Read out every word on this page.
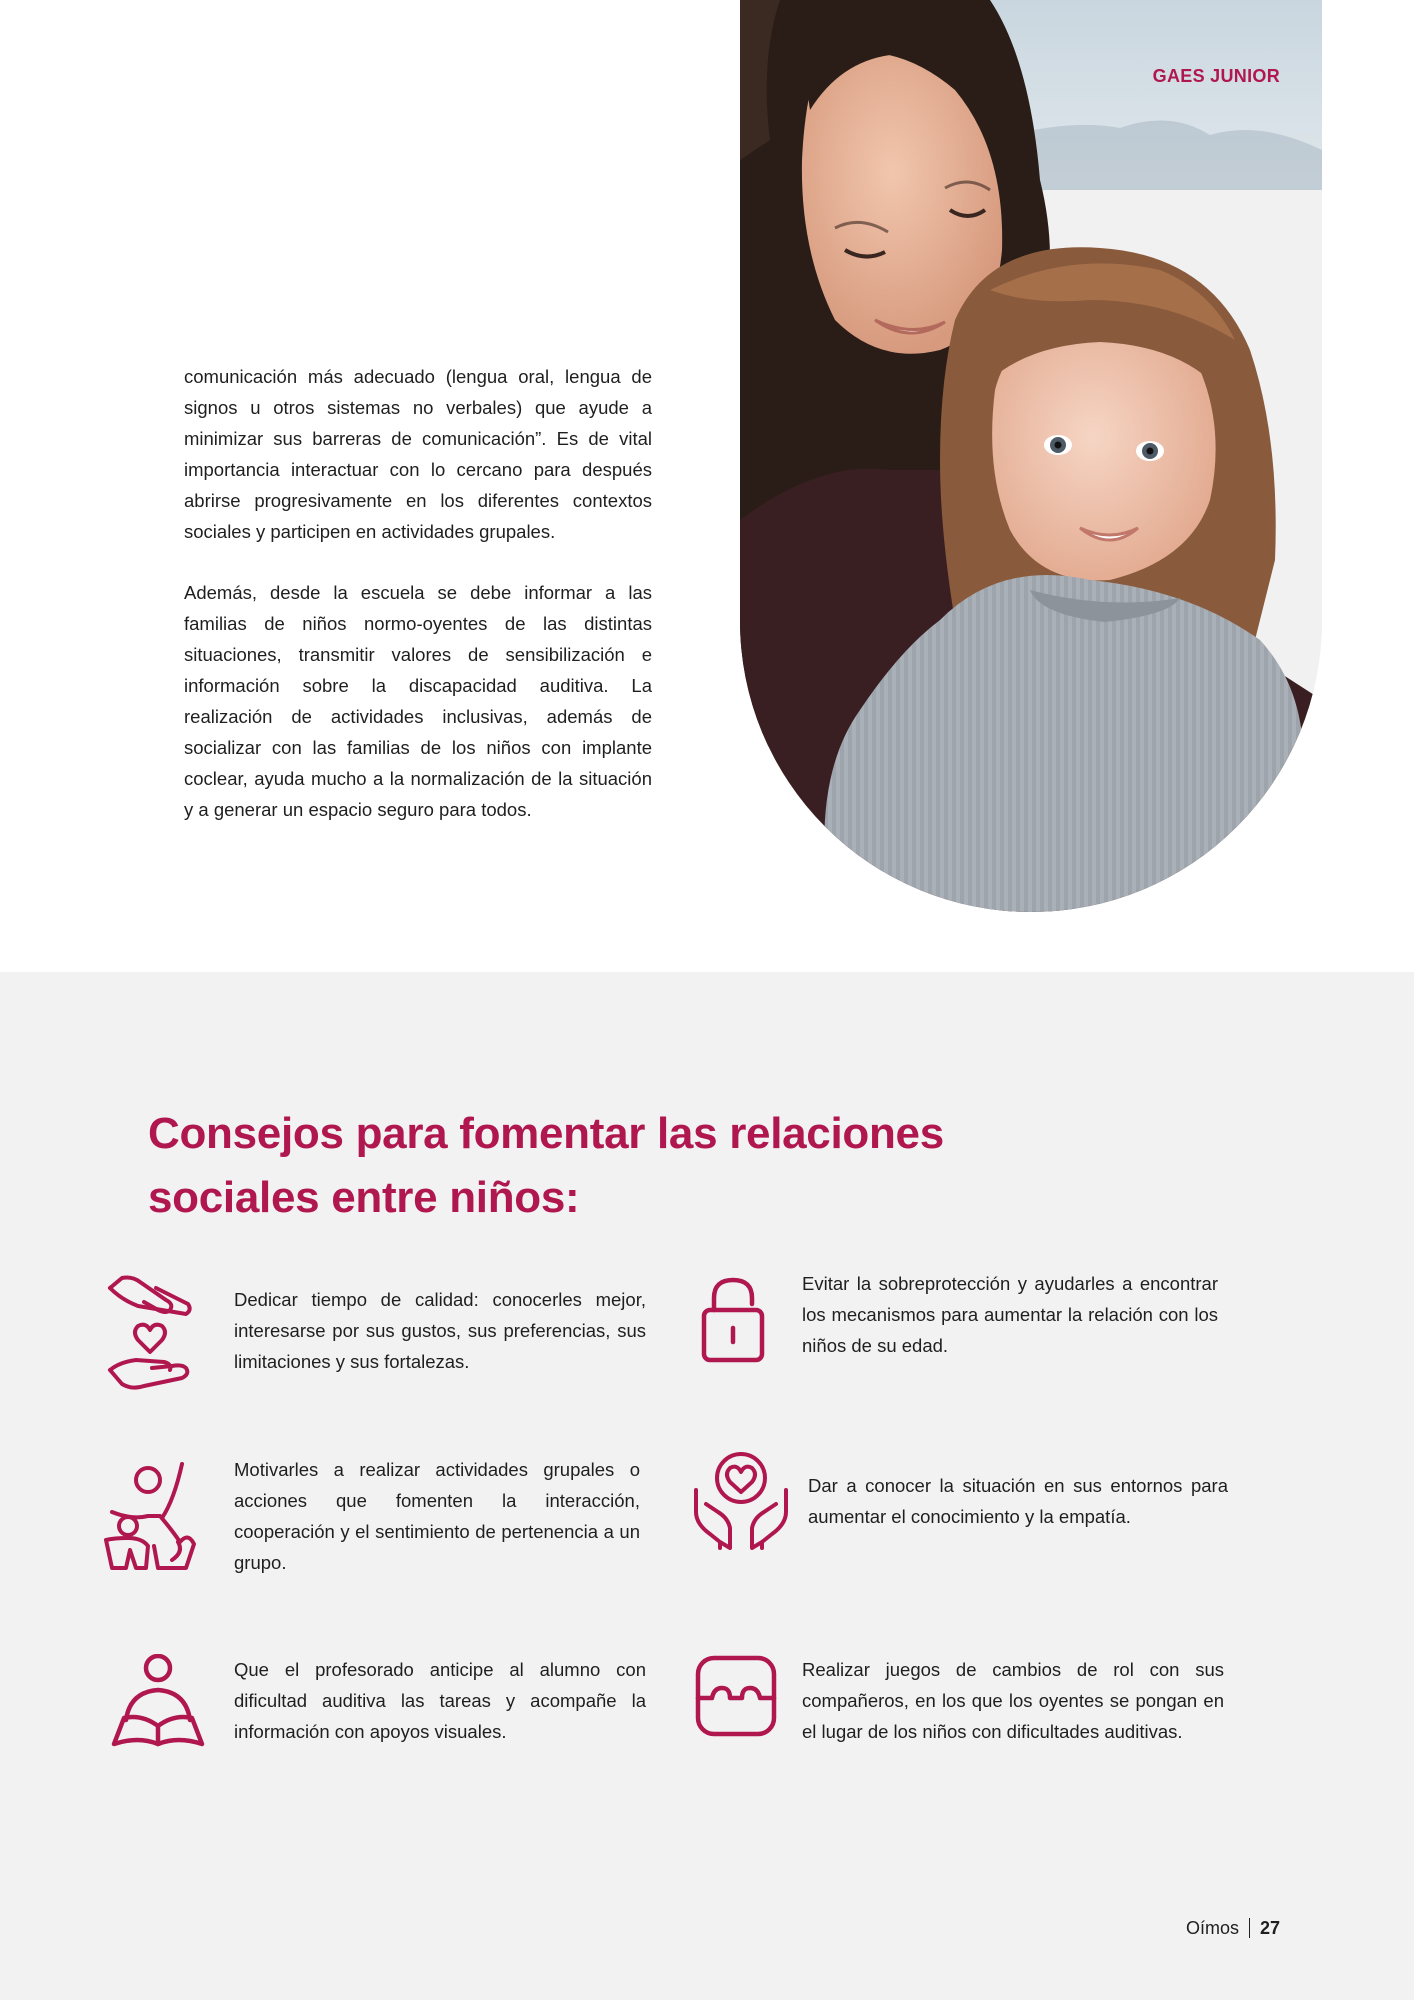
GAES JUNIOR

comunicación más adecuado (lengua oral, lengua de signos u otros sistemas no verbales) que ayude a minimizar sus barreras de comunicación”. Es de vital importancia interactuar con lo cercano para después abrirse progresivamente en los diferentes contextos sociales y participen en actividades grupales.

Además, desde la escuela se debe informar a las familias de niños normo-oyentes de las distintas situaciones, transmitir valores de sensibilización e información sobre la discapacidad auditiva. La realización de actividades inclusivas, además de socializar con las familias de los niños con implante coclear, ayuda mucho a la normalización de la situación y a generar un espacio seguro para todos.

Consejos para fomentar las relaciones
sociales entre niños:

Dedicar tiempo de calidad: conocerles mejor, interesarse por sus gustos, sus preferencias, sus limitaciones y sus fortalezas.

Evitar la sobreprotección y ayudarles a encontrar los mecanismos para aumentar la relación con los niños de su edad.

Motivarles a realizar actividades grupales o acciones que fomenten la interacción, cooperación y el sentimiento de pertenencia a un grupo.

Dar a conocer la situación en sus entornos para aumentar el conocimiento y la empatía.

Que el profesorado anticipe al alumno con dificultad auditiva las tareas y acompañe la información con apoyos visuales.

Realizar juegos de cambios de rol con sus compañeros, en los que los oyentes se pongan en el lugar de los niños con dificultades auditivas.

Oímos 27
